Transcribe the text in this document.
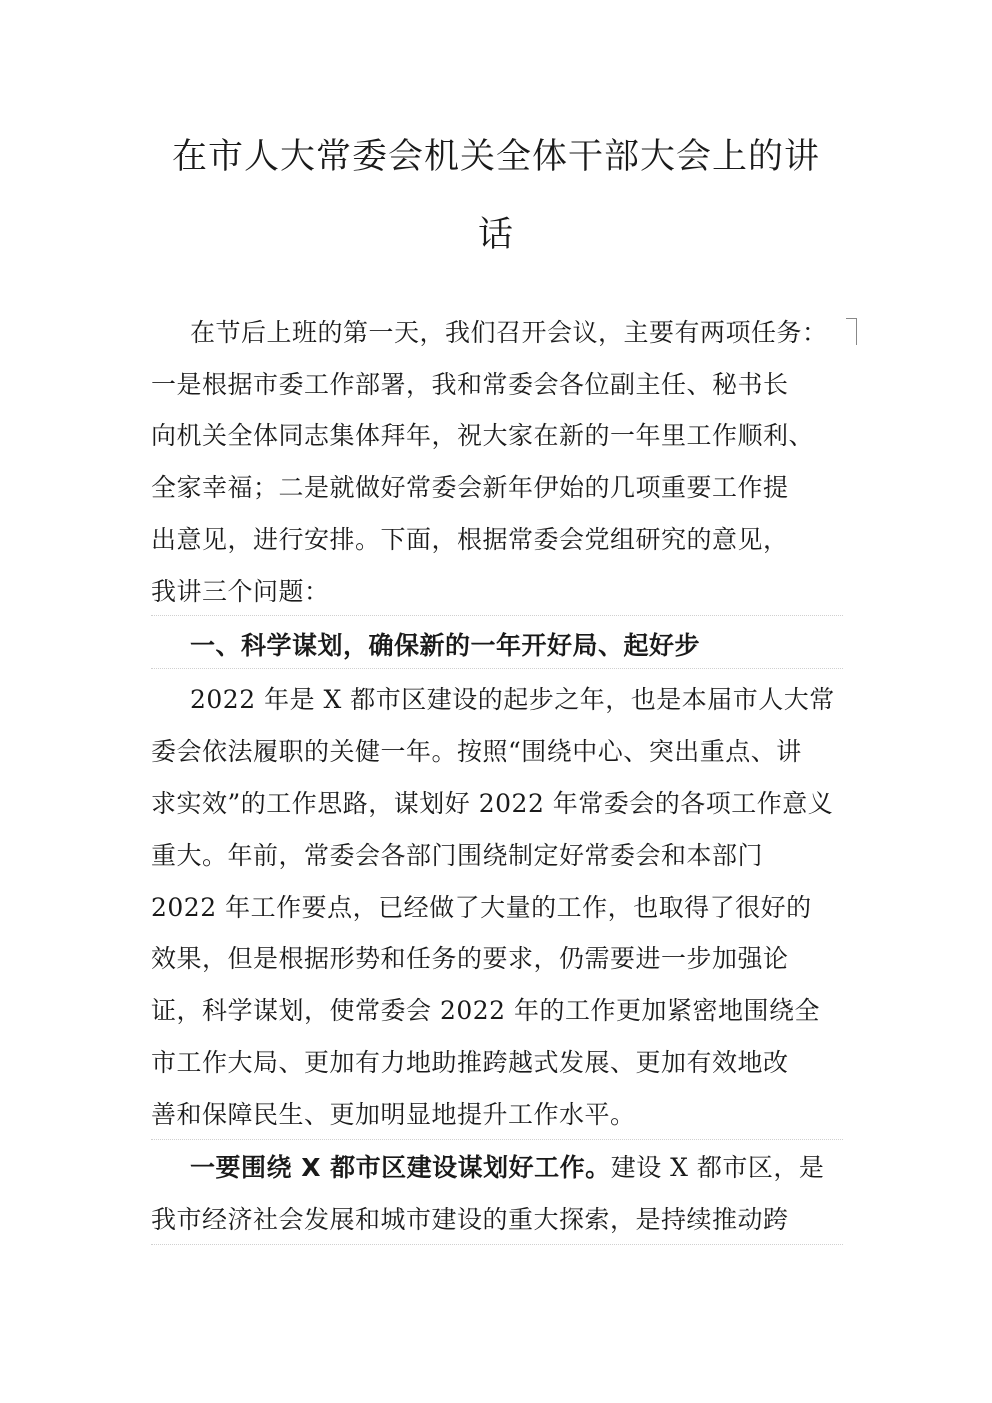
在市人大常委会机关全体干部大会上的讲
话
在节后上班的第一天，我们召开会议，主要有两项任务：
一是根据市委工作部署，我和常委会各位副主任、秘书长
向机关全体同志集体拜年，祝大家在新的一年里工作顺利、
全家幸福；二是就做好常委会新年伊始的几项重要工作提
出意见，进行安排。下面，根据常委会党组研究的意见，
我讲三个问题：
一、科学谋划，确保新的一年开好局、起好步
2022 年是 X 都市区建设的起步之年，也是本届市人大常
委会依法履职的关健一年。按照“围绕中心、突出重点、讲
求实效”的工作思路，谋划好 2022 年常委会的各项工作意义
重大。年前，常委会各部门围绕制定好常委会和本部门
2022 年工作要点，已经做了大量的工作，也取得了很好的
效果，但是根据形势和任务的要求，仍需要进一步加强论
证，科学谋划，使常委会 2022 年的工作更加紧密地围绕全
市工作大局、更加有力地助推跨越式发展、更加有效地改
善和保障民生、更加明显地提升工作水平。
一要围绕 X 都市区建设谋划好工作。建设 X 都市区，是
我市经济社会发展和城市建设的重大探索，是持续推动跨
